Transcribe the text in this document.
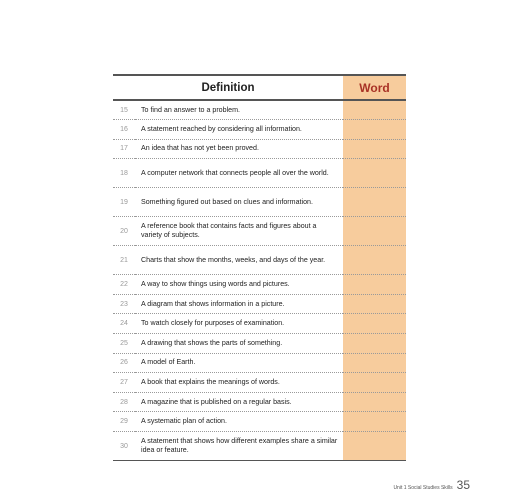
Definition		Word
15	To find an answer to a problem.	
16	A statement reached by considering all information.	
17	An idea that has not yet been proved.	
18	A computer network that connects people all over the world.	
19	Something figured out based on clues and information.	
20	A reference book that contains facts and figures about a variety of subjects.	
21	Charts that show the months, weeks, and days of the year.	
22	A way to show things using words and pictures.	
23	A diagram that shows information in a picture.	
24	To watch closely for purposes of examination.	
25	A drawing that shows the parts of something.	
26	A model of Earth.	
27	A book that explains the meanings of words.	
28	A magazine that is published on a regular basis.	
29	A systematic plan of action.	
30	A statement that shows how different examples share a similar idea or feature.	
Unit 1 Social Studies Skills 35
